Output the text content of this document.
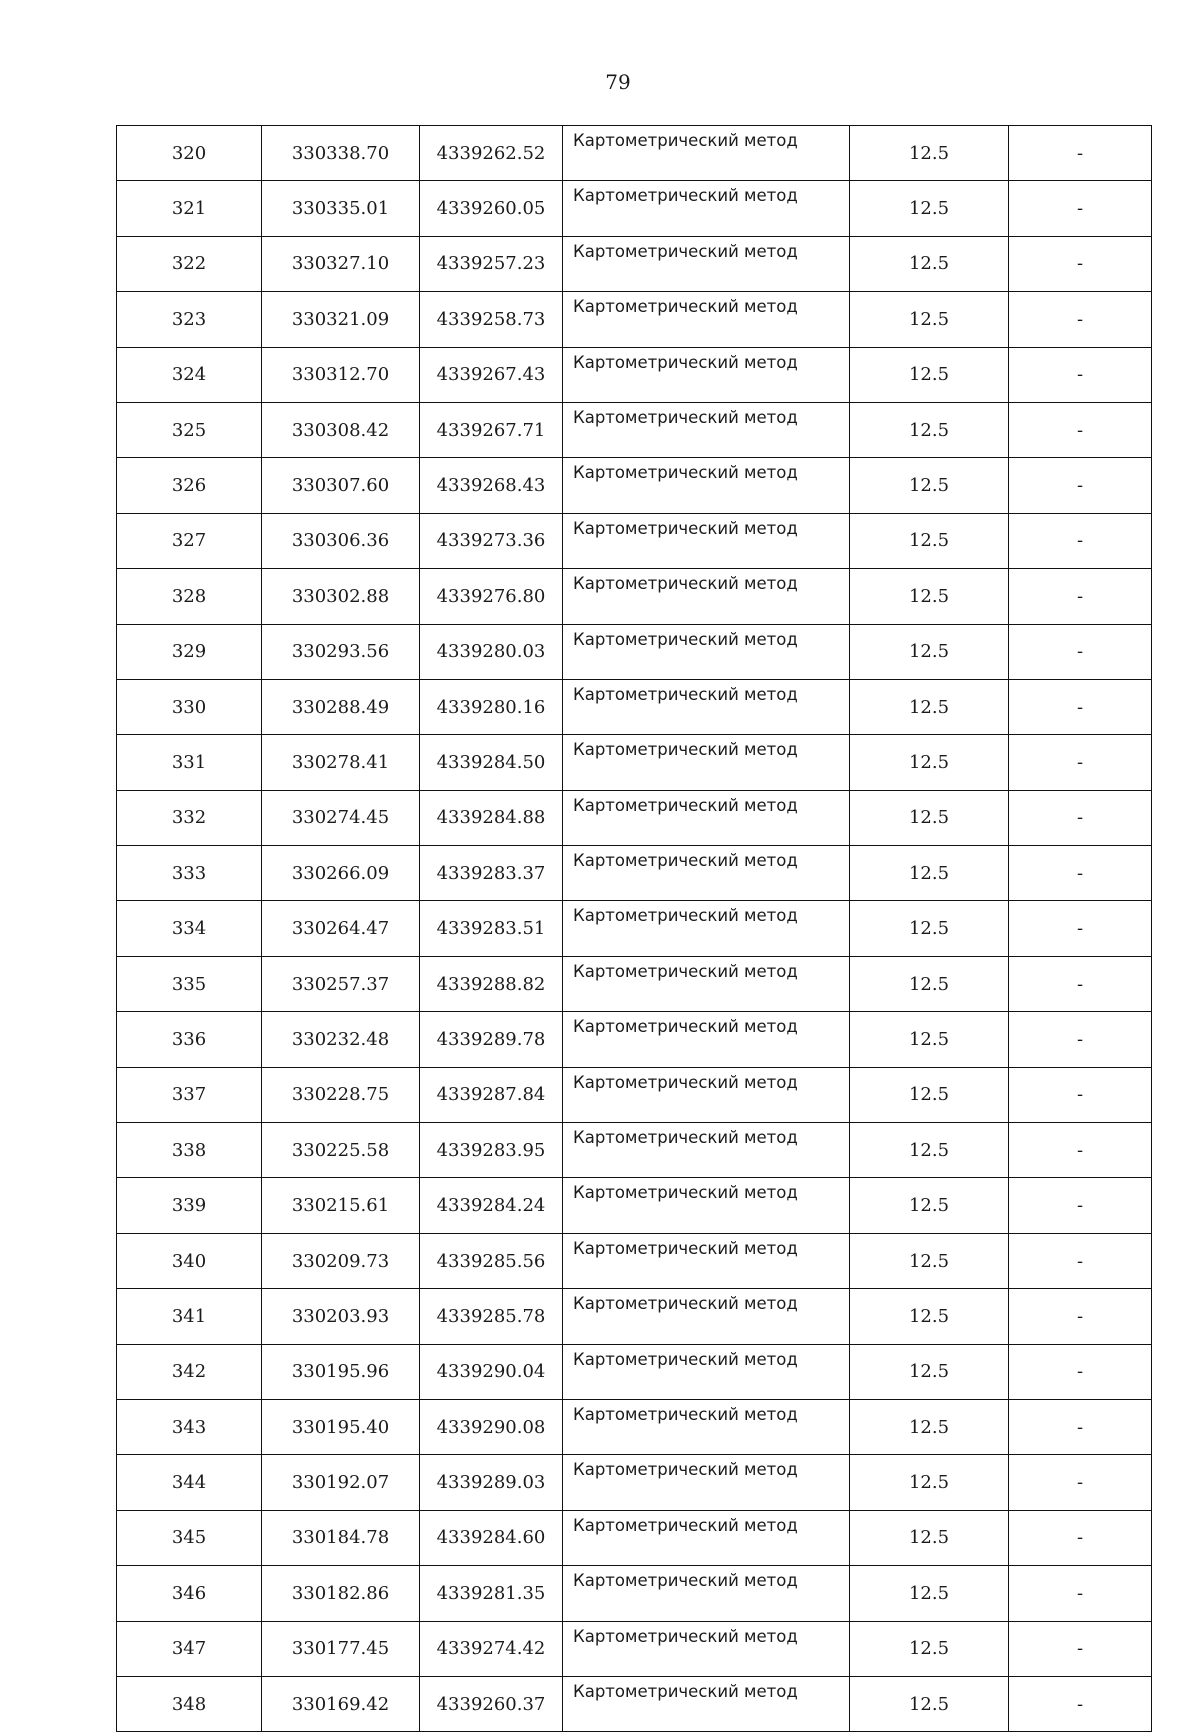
79
320	330338.70	4339262.52	Картометрический метод	12.5	-
321	330335.01	4339260.05	Картометрический метод	12.5	-
322	330327.10	4339257.23	Картометрический метод	12.5	-
323	330321.09	4339258.73	Картометрический метод	12.5	-
324	330312.70	4339267.43	Картометрический метод	12.5	-
325	330308.42	4339267.71	Картометрический метод	12.5	-
326	330307.60	4339268.43	Картометрический метод	12.5	-
327	330306.36	4339273.36	Картометрический метод	12.5	-
328	330302.88	4339276.80	Картометрический метод	12.5	-
329	330293.56	4339280.03	Картометрический метод	12.5	-
330	330288.49	4339280.16	Картометрический метод	12.5	-
331	330278.41	4339284.50	Картометрический метод	12.5	-
332	330274.45	4339284.88	Картометрический метод	12.5	-
333	330266.09	4339283.37	Картометрический метод	12.5	-
334	330264.47	4339283.51	Картометрический метод	12.5	-
335	330257.37	4339288.82	Картометрический метод	12.5	-
336	330232.48	4339289.78	Картометрический метод	12.5	-
337	330228.75	4339287.84	Картометрический метод	12.5	-
338	330225.58	4339283.95	Картометрический метод	12.5	-
339	330215.61	4339284.24	Картометрический метод	12.5	-
340	330209.73	4339285.56	Картометрический метод	12.5	-
341	330203.93	4339285.78	Картометрический метод	12.5	-
342	330195.96	4339290.04	Картометрический метод	12.5	-
343	330195.40	4339290.08	Картометрический метод	12.5	-
344	330192.07	4339289.03	Картометрический метод	12.5	-
345	330184.78	4339284.60	Картометрический метод	12.5	-
346	330182.86	4339281.35	Картометрический метод	12.5	-
347	330177.45	4339274.42	Картометрический метод	12.5	-
348	330169.42	4339260.37	Картометрический метод	12.5	-
